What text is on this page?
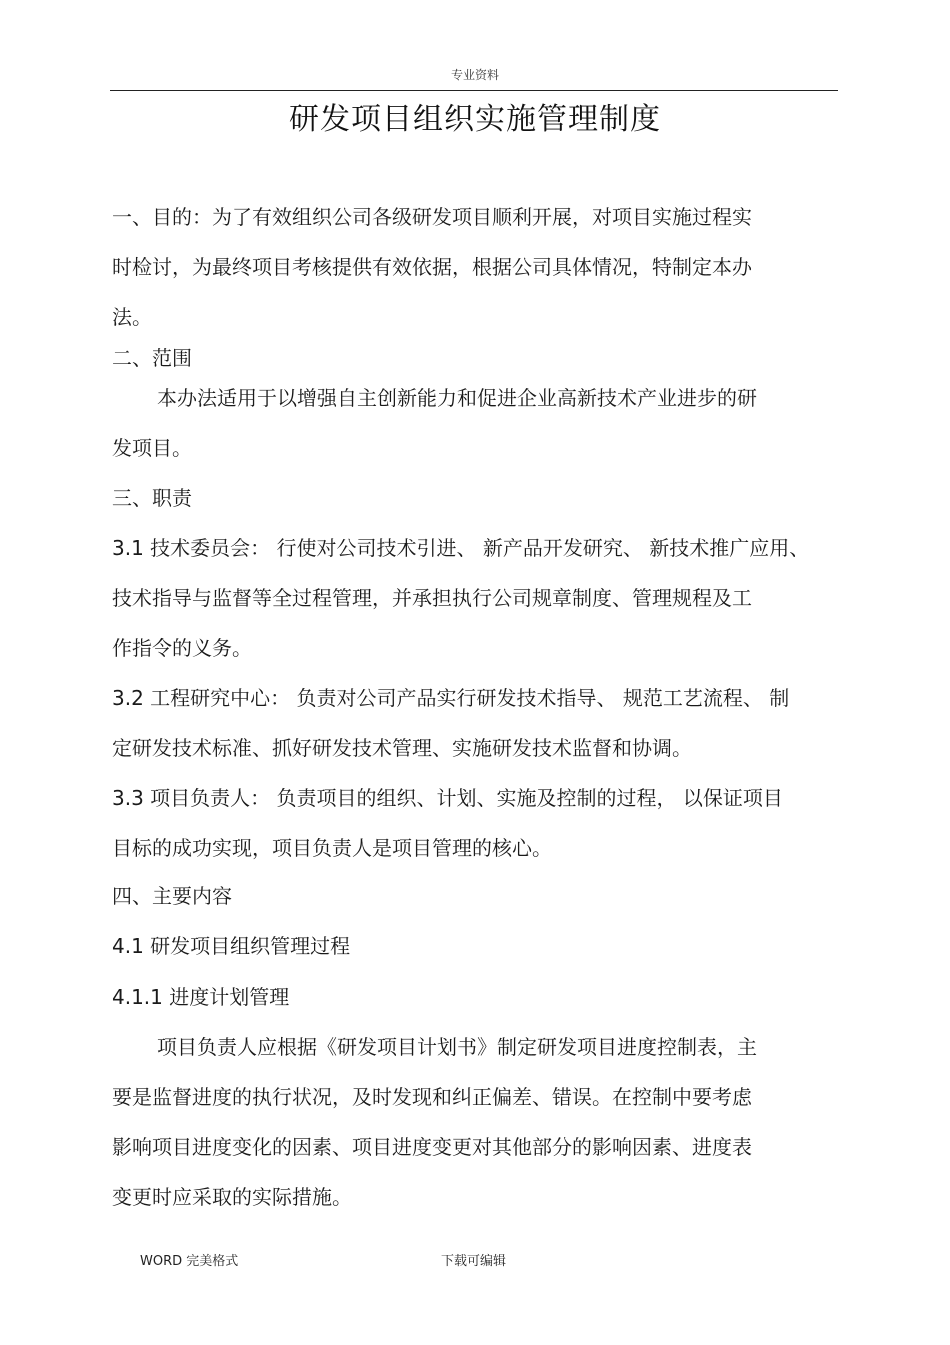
专业资料
研发项目组织实施管理制度
一、目的：为了有效组织公司各级研发项目顺利开展，对项目实施过程实
时检讨，为最终项目考核提供有效依据，根据公司具体情况，特制定本办
法。
二、范围
本办法适用于以增强自主创新能力和促进企业高新技术产业进步的研
发项目。
三、职责
3.1 技术委员会： 行使对公司技术引进、 新产品开发研究、 新技术推广应用、
技术指导与监督等全过程管理，并承担执行公司规章制度、管理规程及工
作指令的义务。
3.2 工程研究中心： 负责对公司产品实行研发技术指导、 规范工艺流程、 制
定研发技术标准、抓好研发技术管理、实施研发技术监督和协调。
3.3 项目负责人： 负责项目的组织、计划、实施及控制的过程， 以保证项目
目标的成功实现，项目负责人是项目管理的核心。
四、主要内容
4.1 研发项目组织管理过程
4.1.1 进度计划管理
项目负责人应根据《研发项目计划书》制定研发项目进度控制表，主
要是监督进度的执行状况，及时发现和纠正偏差、错误。在控制中要考虑
影响项目进度变化的因素、项目进度变更对其他部分的影响因素、进度表
变更时应采取的实际措施。
WORD 完美格式	下载可编辑
